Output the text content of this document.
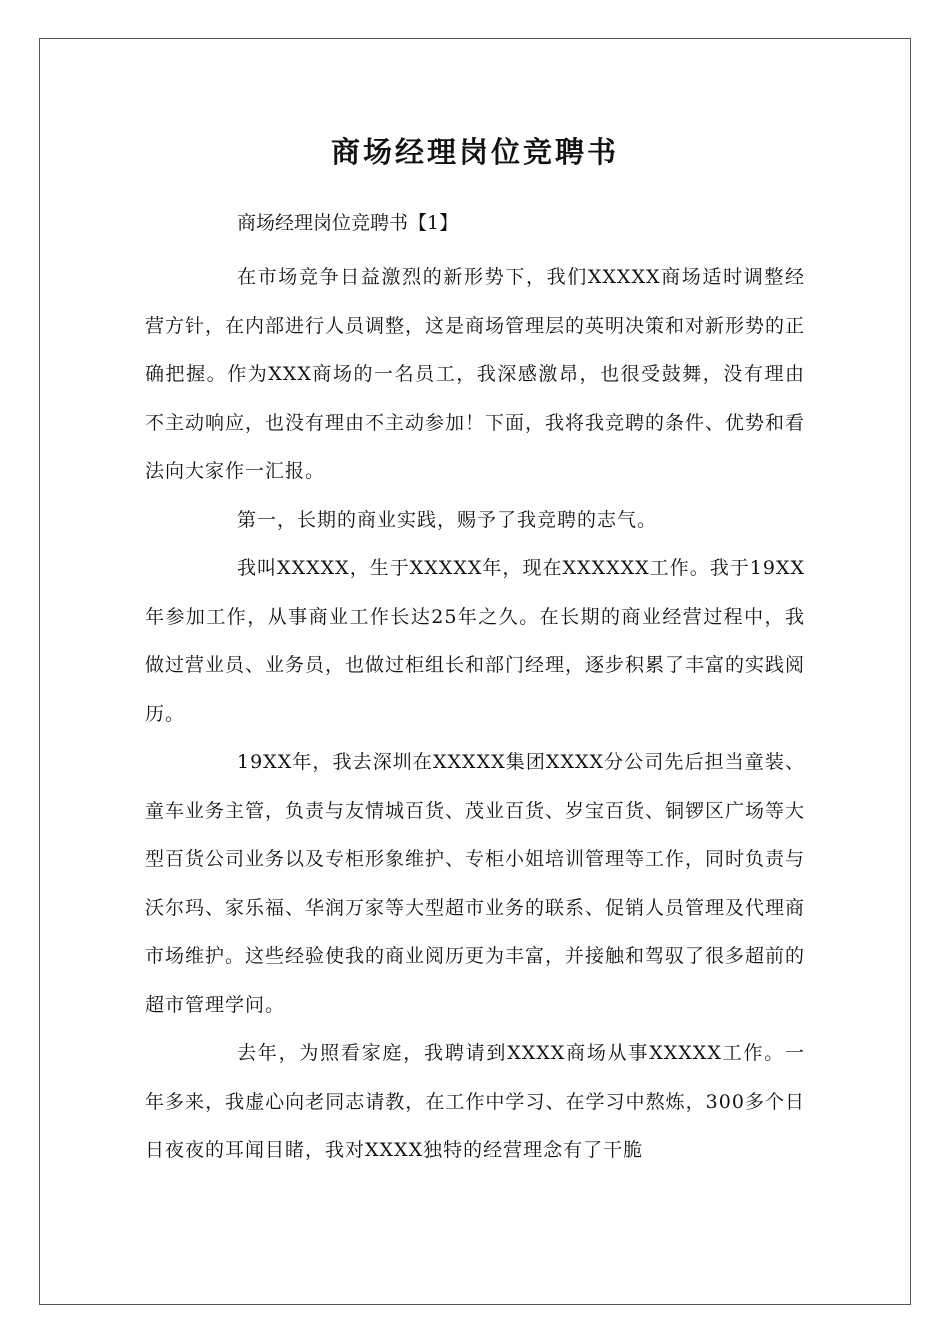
商场经理岗位竞聘书
商场经理岗位竞聘书【1】

在市场竞争日益激烈的新形势下，我们XXXXX商场适时调整经营方针，在内部进行人员调整，这是商场管理层的英明决策和对新形势的正确把握。作为XXX商场的一名员工，我深感激昂，也很受鼓舞，没有理由不主动响应，也没有理由不主动参加！下面，我将我竞聘的条件、优势和看法向大家作一汇报。

第一，长期的商业实践，赐予了我竞聘的志气。

我叫XXXXX，生于XXXXX年，现在XXXXXX工作。我于19XX年参加工作，从事商业工作长达25年之久。在长期的商业经营过程中，我做过营业员、业务员，也做过柜组长和部门经理，逐步积累了丰富的实践阅历。

19XX年，我去深圳在XXXXX集团XXXX分公司先后担当童装、童车业务主管，负责与友情城百货、茂业百货、岁宝百货、铜锣区广场等大型百货公司业务以及专柜形象维护、专柜小姐培训管理等工作，同时负责与沃尔玛、家乐福、华润万家等大型超市业务的联系、促销人员管理及代理商市场维护。这些经验使我的商业阅历更为丰富，并接触和驾驭了很多超前的超市管理学问。

去年，为照看家庭，我聘请到XXXX商场从事XXXXX工作。一年多来，我虚心向老同志请教，在工作中学习、在学习中熬炼，300多个日日夜夜的耳闻目睹，我对XXXX独特的经营理念有了干脆
